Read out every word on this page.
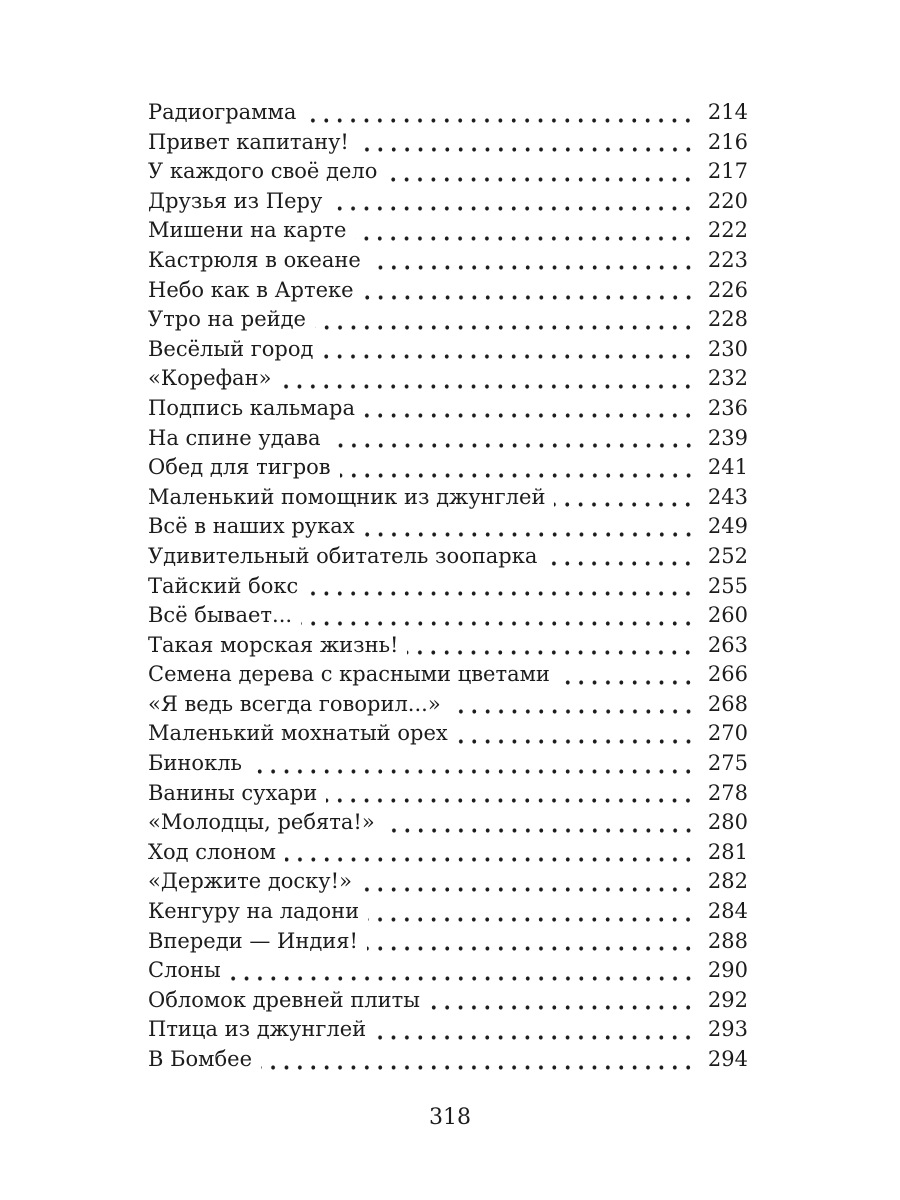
Радиограмма	214
Привет капитану!	216
У каждого своё дело	217
Друзья из Перу	220
Мишени на карте	222
Кастрюля в океане	223
Небо как в Артеке	226
Утро на рейде	228
Весёлый город	230
«Корефан»	232
Подпись кальмара	236
На спине удава	239
Обед для тигров	241
Маленький помощник из джунглей	243
Всё в наших руках	249
Удивительный обитатель зоопарка	252
Тайский бокс	255
Всё бывает...	260
Такая морская жизнь!	263
Семена дерева с красными цветами	266
«Я ведь всегда говорил...»	268
Маленький мохнатый орех	270
Бинокль	275
Ванины сухари	278
«Молодцы, ребята!»	280
Ход слоном	281
«Держите доску!»	282
Кенгуру на ладони	284
Впереди — Индия!	288
Слоны	290
Обломок древней плиты	292
Птица из джунглей	293
В Бомбее	294
318
